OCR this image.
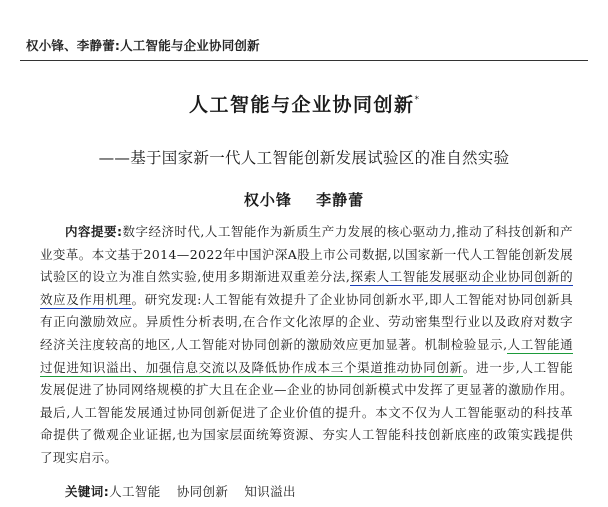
权小锋、李静蕾:人工智能与企业协同创新
人工智能与企业协同创新*
——基于国家新一代人工智能创新发展试验区的准自然实验
权小锋 李静蕾
内容提要:数字经济时代,人工智能作为新质生产力发展的核心驱动力,推动了科技创新和产业变革。本文基于2014—2022年中国沪深A股上市公司数据,以国家新一代人工智能创新发展试验区的设立为准自然实验,使用多期渐进双重差分法,探索人工智能发展驱动企业协同创新的效应及作用机理。研究发现:人工智能有效提升了企业协同创新水平,即人工智能对协同创新具有正向激励效应。异质性分析表明,在合作文化浓厚的企业、劳动密集型行业以及政府对数字经济关注度较高的地区,人工智能对协同创新的激励效应更加显著。机制检验显示,人工智能通过促进知识溢出、加强信息交流以及降低协作成本三个渠道推动协同创新。进一步,人工智能发展促进了协同网络规模的扩大且在企业—企业的协同创新模式中发挥了更显著的激励作用。最后,人工智能发展通过协同创新促进了企业价值的提升。本文不仅为人工智能驱动的科技革命提供了微观企业证据,也为国家层面统筹资源、夯实人工智能科技创新底座的政策实践提供了现实启示。
关键词:人工智能 协同创新 知识溢出
